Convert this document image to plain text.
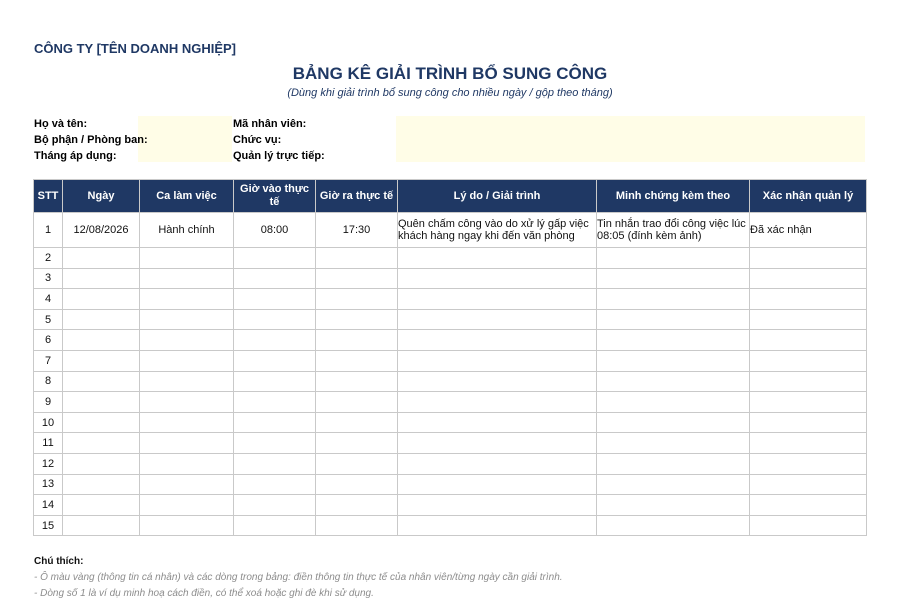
CÔNG TY [TÊN DOANH NGHIỆP]
BẢNG KÊ GIẢI TRÌNH BỔ SUNG CÔNG
(Dùng khi giải trình bổ sung công cho nhiều ngày / gộp theo tháng)
Họ và tên:
Bộ phận / Phòng ban:
Tháng áp dụng:
Mã nhân viên:
Chức vụ:
Quản lý trực tiếp:
STT	Ngày	Ca làm việc	Giờ vào thực tế	Giờ ra thực tế	Lý do / Giải trình	Minh chứng kèm theo	Xác nhận quản lý
1	12/08/2026	Hành chính	08:00	17:30	Quên chấm công vào do xử lý gấp việc khách hàng ngay khi đến văn phòng	Tin nhắn trao đổi công việc lúc 08:05 (đính kèm ảnh)	Đã xác nhận
2							
3							
4							
5							
6							
7							
8							
9							
10							
11							
12							
13							
14							
15							
Chú thích:
- Ô màu vàng (thông tin cá nhân) và các dòng trong bảng: điền thông tin thực tế của nhân viên/từng ngày cần giải trình.
- Dòng số 1 là ví dụ minh hoạ cách điền, có thể xoá hoặc ghi đè khi sử dụng.
